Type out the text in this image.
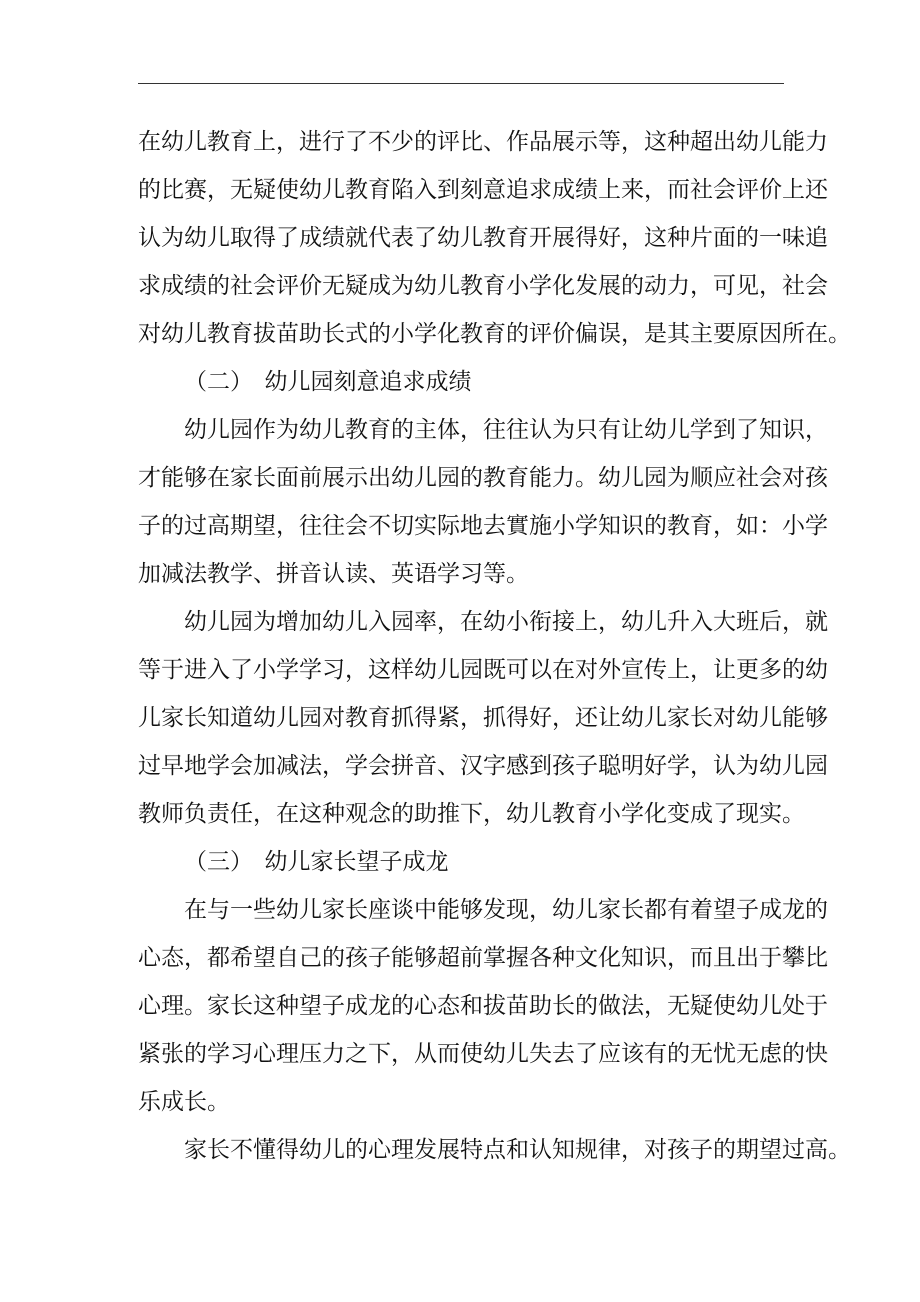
在幼儿教育上，进行了不少的评比、作品展示等，这种超出幼儿能力
的比赛，无疑使幼儿教育陷入到刻意追求成绩上来，而社会评价上还
认为幼儿取得了成绩就代表了幼儿教育开展得好，这种片面的一味追
求成绩的社会评价无疑成为幼儿教育小学化发展的动力，可见，社会
对幼儿教育拔苗助长式的小学化教育的评价偏误，是其主要原因所在。
（二）　幼儿园刻意追求成绩
幼儿园作为幼儿教育的主体，往往认为只有让幼儿学到了知识，
才能够在家长面前展示出幼儿园的教育能力。幼儿园为顺应社会对孩
子的过高期望，往往会不切实际地去實施小学知识的教育，如：小学
加减法教学、拼音认读、英语学习等。
幼儿园为增加幼儿入园率，在幼小衔接上，幼儿升入大班后，就
等于进入了小学学习，这样幼儿园既可以在对外宣传上，让更多的幼
儿家长知道幼儿园对教育抓得紧，抓得好，还让幼儿家长对幼儿能够
过早地学会加减法，学会拼音、汉字感到孩子聪明好学，认为幼儿园
教师负责任，在这种观念的助推下，幼儿教育小学化变成了现实。
（三）　幼儿家长望子成龙
在与一些幼儿家长座谈中能够发现，幼儿家长都有着望子成龙的
心态，都希望自己的孩子能够超前掌握各种文化知识，而且出于攀比
心理。家长这种望子成龙的心态和拔苗助长的做法，无疑使幼儿处于
紧张的学习心理压力之下，从而使幼儿失去了应该有的无忧无虑的快
乐成长。
家长不懂得幼儿的心理发展特点和认知规律，对孩子的期望过高。
